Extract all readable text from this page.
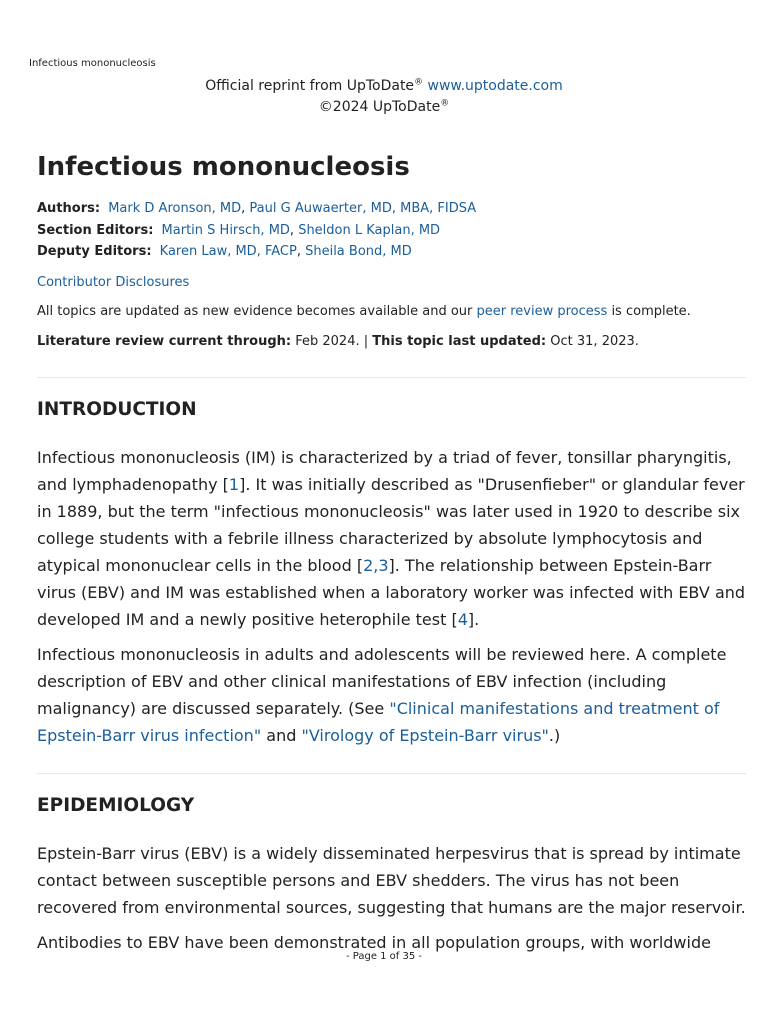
Infectious mononucleosis
Official reprint from UpToDate® www.uptodate.com
©2024 UpToDate®
Infectious mononucleosis
Authors: Mark D Aronson, MD, Paul G Auwaerter, MD, MBA, FIDSA
Section Editors: Martin S Hirsch, MD, Sheldon L Kaplan, MD
Deputy Editors: Karen Law, MD, FACP, Sheila Bond, MD
Contributor Disclosures
All topics are updated as new evidence becomes available and our peer review process is complete.
Literature review current through: Feb 2024. | This topic last updated: Oct 31, 2023.
INTRODUCTION

Infectious mononucleosis (IM) is characterized by a triad of fever, tonsillar pharyngitis, and lymphadenopathy [1]. It was initially described as "Drusenfieber" or glandular fever in 1889, but the term "infectious mononucleosis" was later used in 1920 to describe six college students with a febrile illness characterized by absolute lymphocytosis and atypical mononuclear cells in the blood [2,3]. The relationship between Epstein-Barr virus (EBV) and IM was established when a laboratory worker was infected with EBV and developed IM and a newly positive heterophile test [4].

Infectious mononucleosis in adults and adolescents will be reviewed here. A complete description of EBV and other clinical manifestations of EBV infection (including malignancy) are discussed separately. (See "Clinical manifestations and treatment of Epstein-Barr virus infection" and "Virology of Epstein-Barr virus".)

EPIDEMIOLOGY

Epstein-Barr virus (EBV) is a widely disseminated herpesvirus that is spread by intimate contact between susceptible persons and EBV shedders. The virus has not been recovered from environmental sources, suggesting that humans are the major reservoir.

Antibodies to EBV have been demonstrated in all population groups, with worldwide

- Page 1 of 35 -
